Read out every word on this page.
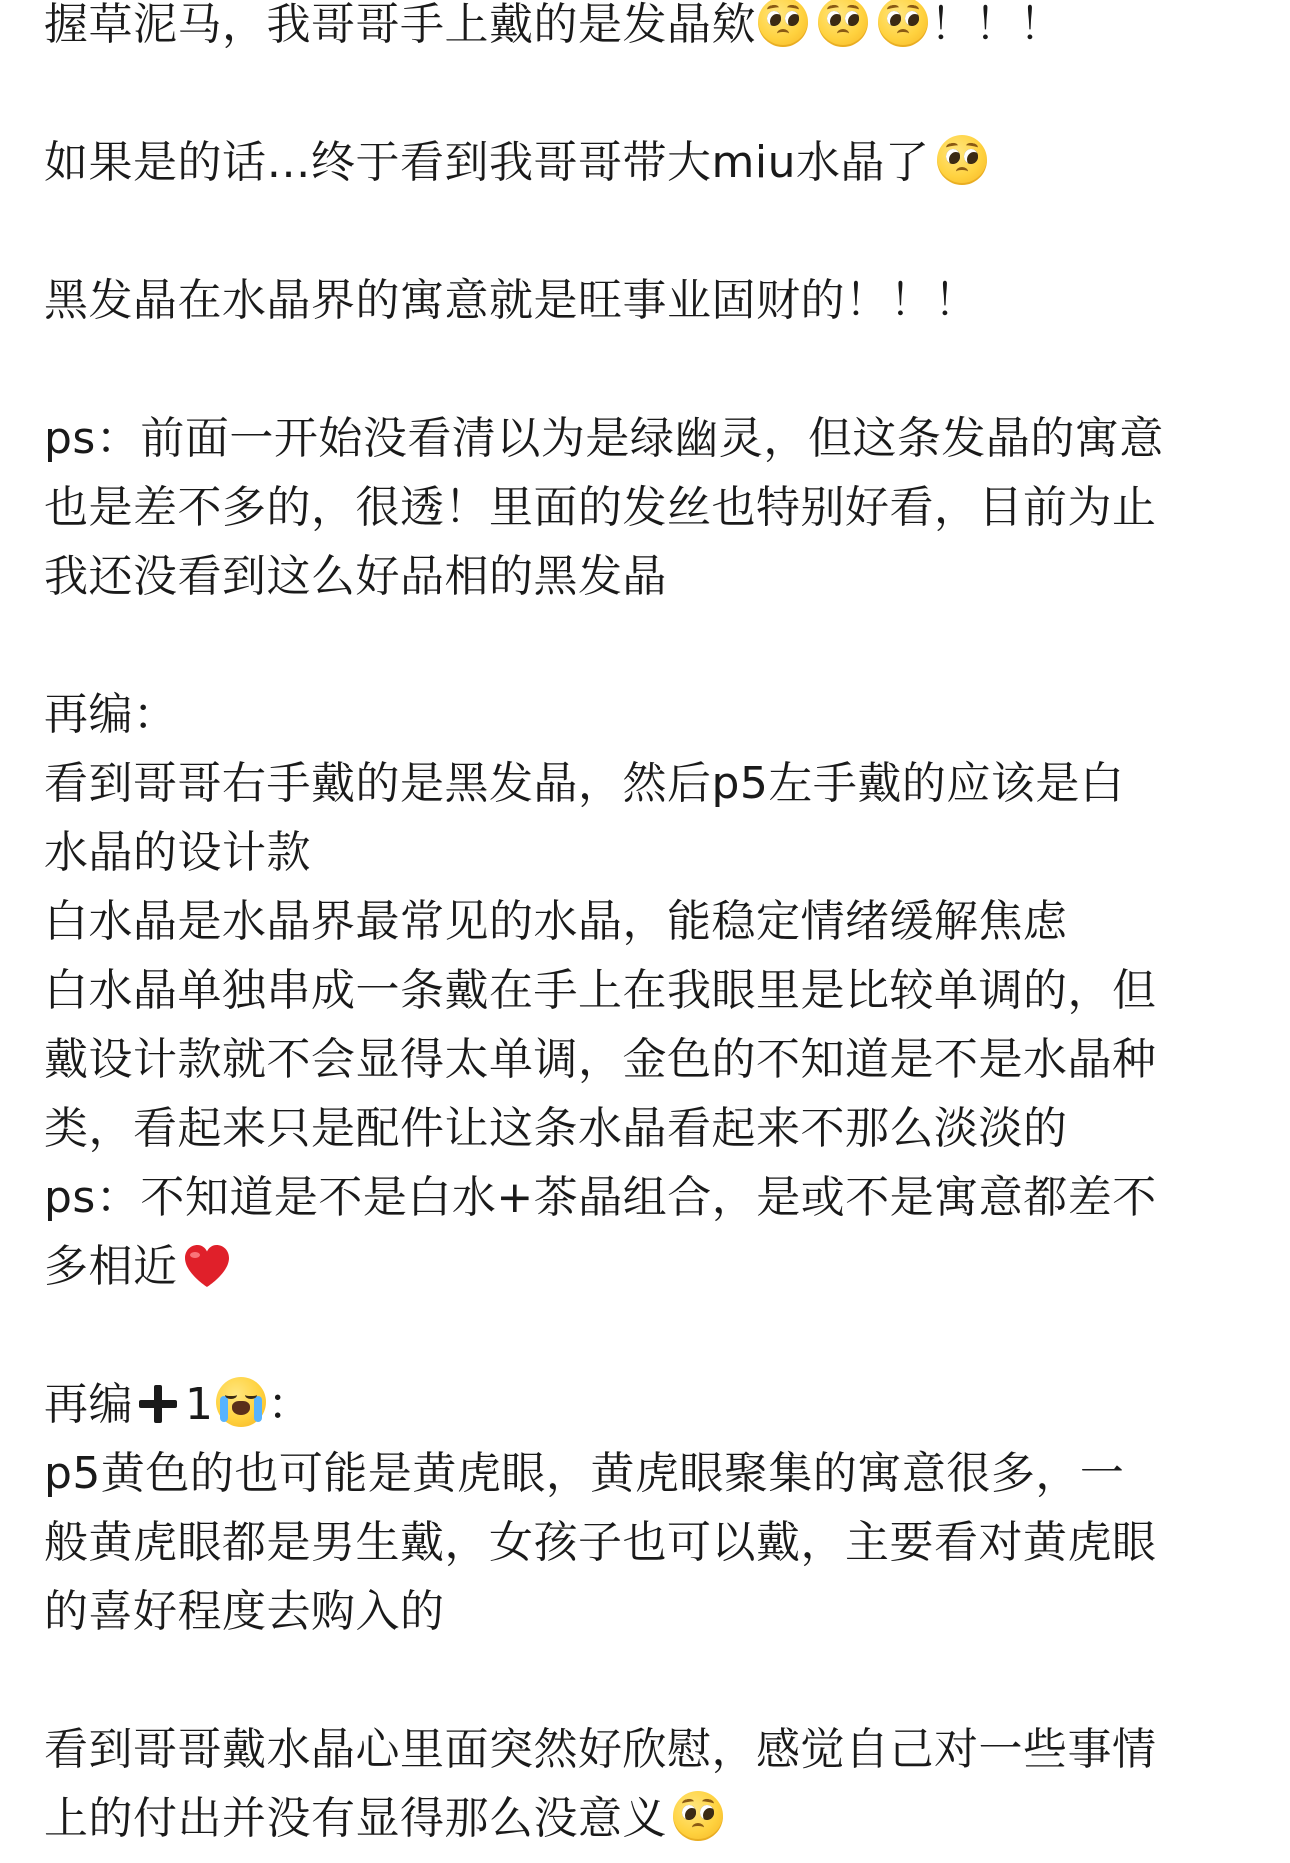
握草泥马，我哥哥手上戴的是发晶欸	！！！
如果是的话…终于看到我哥哥带大miu水晶了
黑发晶在水晶界的寓意就是旺事业固财的！！！
ps：前面一开始没看清以为是绿幽灵，但这条发晶的寓意
也是差不多的，很透！里面的发丝也特别好看，目前为止
我还没看到这么好品相的黑发晶
再编：
看到哥哥右手戴的是黑发晶，然后p5左手戴的应该是白
水晶的设计款
白水晶是水晶界最常见的水晶，能稳定情绪缓解焦虑
白水晶单独串成一条戴在手上在我眼里是比较单调的，但
戴设计款就不会显得太单调，金色的不知道是不是水晶种
类，看起来只是配件让这条水晶看起来不那么淡淡的
ps：不知道是不是白水+茶晶组合，是或不是寓意都差不
多相近
再编 1 ：
p5黄色的也可能是黄虎眼，黄虎眼聚集的寓意很多，一
般黄虎眼都是男生戴，女孩子也可以戴，主要看对黄虎眼
的喜好程度去购入的
看到哥哥戴水晶心里面突然好欣慰，感觉自己对一些事情
上的付出并没有显得那么没意义
